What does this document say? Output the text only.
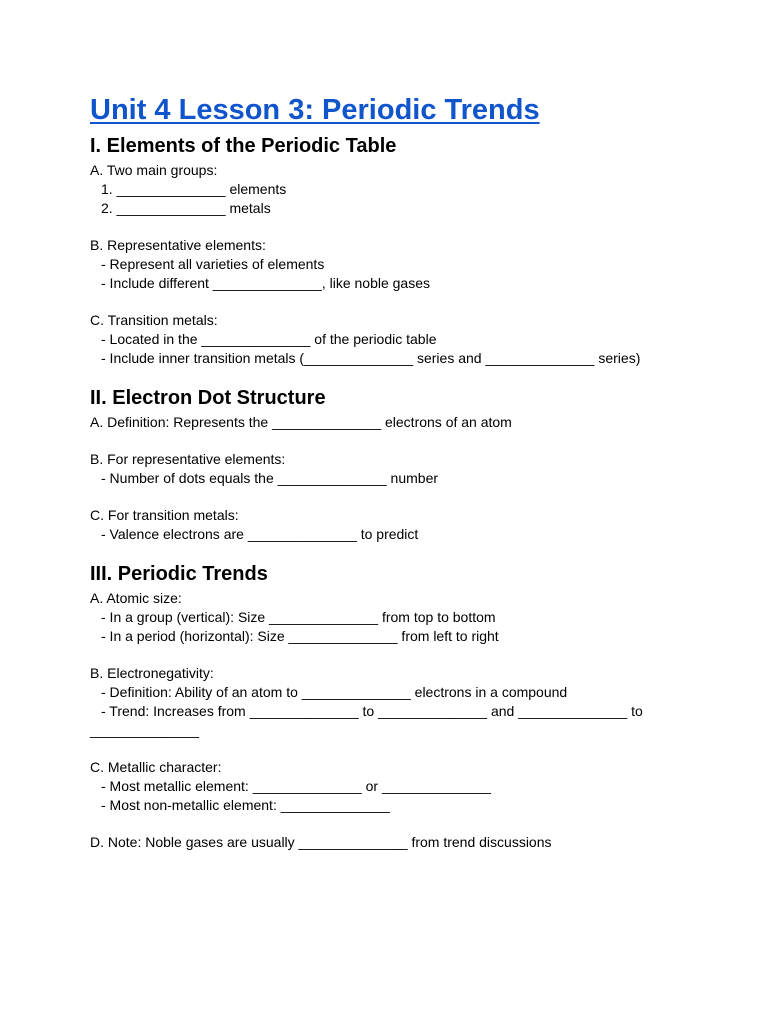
Unit 4 Lesson 3: Periodic Trends
I. Elements of the Periodic Table

A. Two main groups:

1. ______________ elements

2. ______________ metals

B. Representative elements:

- Represent all varieties of elements

- Include different ______________, like noble gases

C. Transition metals:

- Located in the ______________ of the periodic table

- Include inner transition metals (______________ series and ______________ series)

II. Electron Dot Structure

A. Definition: Represents the ______________ electrons of an atom

B. For representative elements:

- Number of dots equals the ______________ number

C. For transition metals:

- Valence electrons are ______________ to predict

III. Periodic Trends

A. Atomic size:

- In a group (vertical): Size ______________ from top to bottom

- In a period (horizontal): Size ______________ from left to right

B. Electronegativity:

- Definition: Ability of an atom to ______________ electrons in a compound

- Trend: Increases from ______________ to ______________ and ______________ to

______________

C. Metallic character:

- Most metallic element: ______________ or ______________

- Most non-metallic element: ______________

D. Note: Noble gases are usually ______________ from trend discussions
